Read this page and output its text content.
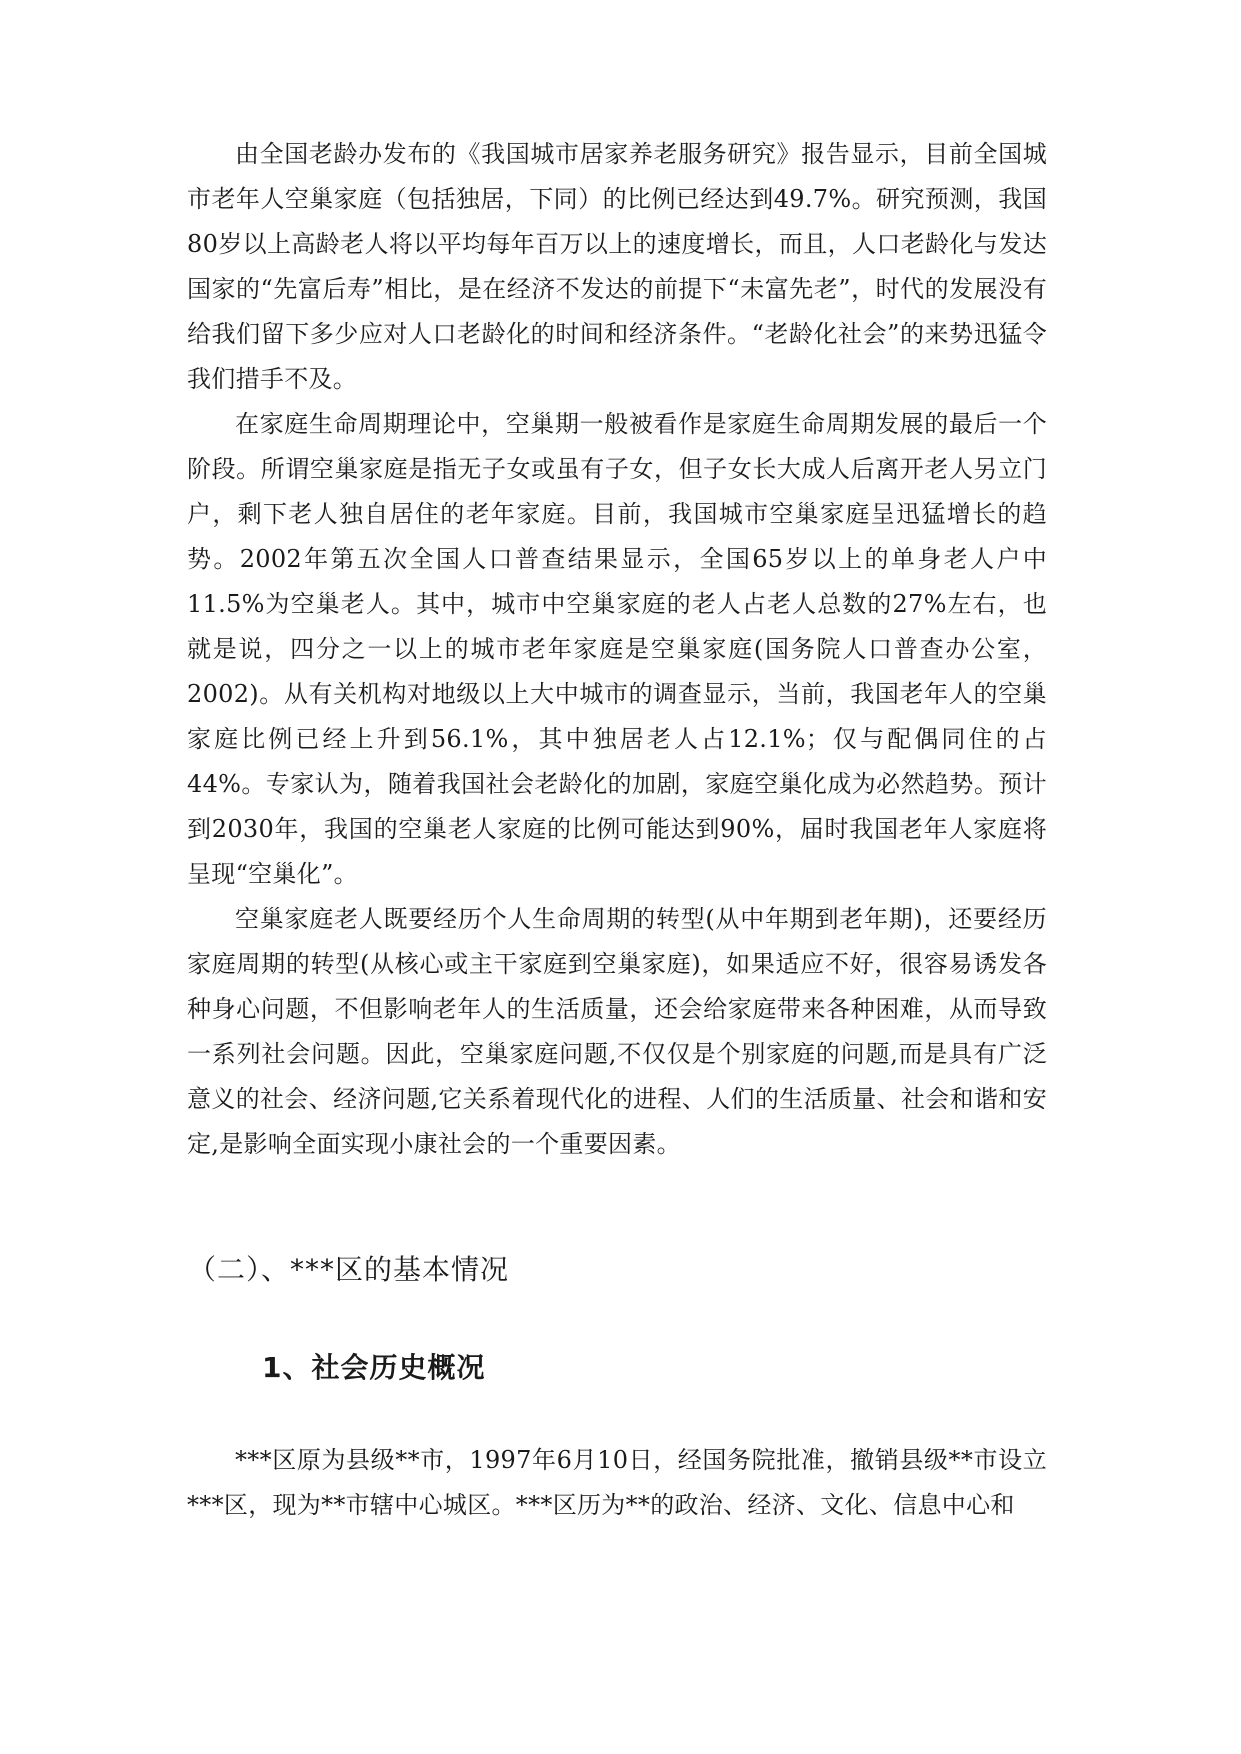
由全国老龄办发布的《我国城市居家养老服务研究》报告显示，目前全国城市老年人空巢家庭（包括独居，下同）的比例已经达到49.7%。研究预测，我国80岁以上高龄老人将以平均每年百万以上的速度增长，而且，人口老龄化与发达国家的“先富后寿”相比，是在经济不发达的前提下“未富先老”，时代的发展没有给我们留下多少应对人口老龄化的时间和经济条件。“老龄化社会”的来势迅猛令我们措手不及。

在家庭生命周期理论中，空巢期一般被看作是家庭生命周期发展的最后一个阶段。所谓空巢家庭是指无子女或虽有子女，但子女长大成人后离开老人另立门户，剩下老人独自居住的老年家庭。目前，我国城市空巢家庭呈迅猛增长的趋势。2002年第五次全国人口普查结果显示，全国65岁以上的单身老人户中11.5%为空巢老人。其中，城市中空巢家庭的老人占老人总数的27%左右，也就是说，四分之一以上的城市老年家庭是空巢家庭(国务院人口普查办公室，2002)。从有关机构对地级以上大中城市的调查显示，当前，我国老年人的空巢家庭比例已经上升到56.1%，其中独居老人占12.1%；仅与配偶同住的占44%。专家认为，随着我国社会老龄化的加剧，家庭空巢化成为必然趋势。预计到2030年，我国的空巢老人家庭的比例可能达到90%，届时我国老年人家庭将呈现“空巢化”。

空巢家庭老人既要经历个人生命周期的转型(从中年期到老年期)，还要经历家庭周期的转型(从核心或主干家庭到空巢家庭)，如果适应不好，很容易诱发各种身心问题，不但影响老年人的生活质量，还会给家庭带来各种困难，从而导致一系列社会问题。因此，空巢家庭问题,不仅仅是个别家庭的问题,而是具有广泛意义的社会、经济问题,它关系着现代化的进程、人们的生活质量、社会和谐和安定,是影响全面实现小康社会的一个重要因素。

（二）、***区的基本情况
1、社会历史概况

***区原为县级**市，1997年6月10日，经国务院批准，撤销县级**市设立***区，现为**市辖中心城区。***区历为**的政治、经济、文化、信息中心和
